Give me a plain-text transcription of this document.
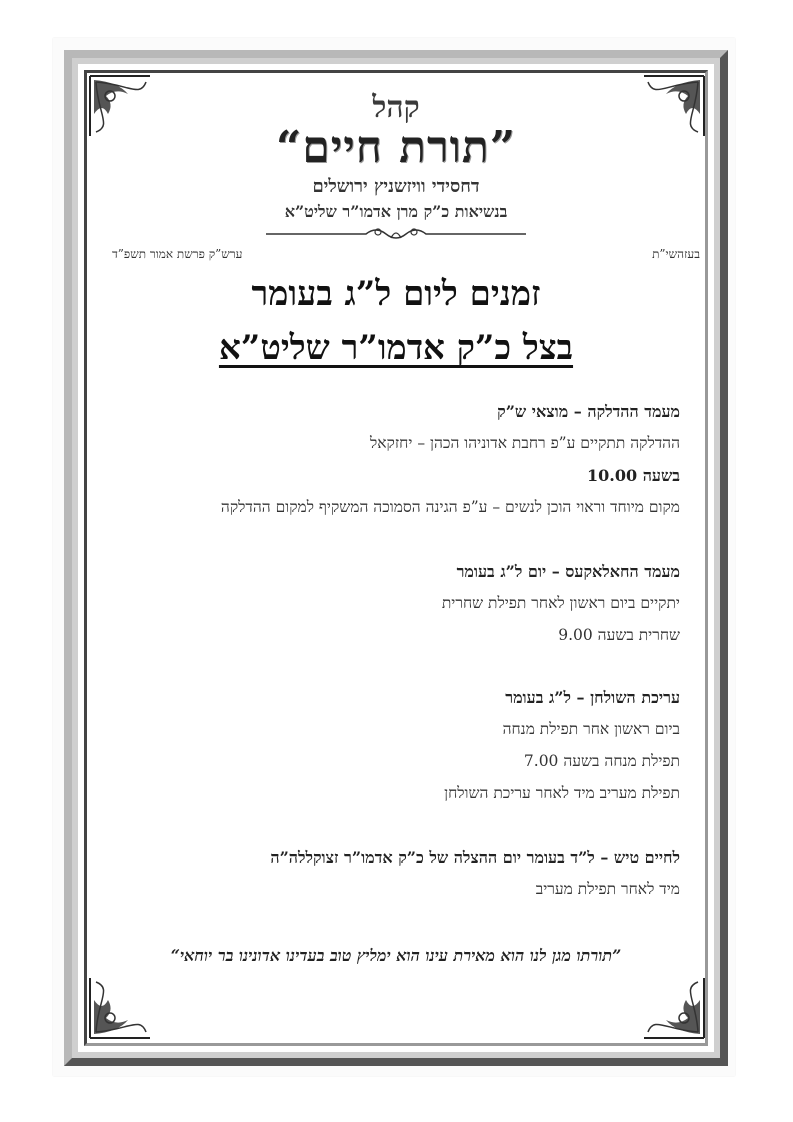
קהל
”תורת חיים“
דחסידי וויזשניץ ירושלים
בנשיאות כ”ק מרן אדמו”ר שליט”א
בעזהשי”ת
ערש”ק פרשת אמור תשפ”ד
זמנים ליום ל”ג בעומר
בצל כ”ק אדמו”ר שליט”א
מעמד ההדלקה – מוצאי ש”ק
ההדלקה תתקיים ע”פ רחבת אדוניהו הכהן – יחזקאל
בשעה 10.00
מקום מיוחד וראוי הוכן לנשים – ע”פ הגינה הסמוכה המשקיף למקום ההדלקה
מעמד החאלאקעס – יום ל”ג בעומר
יתקיים ביום ראשון לאחר תפילת שחרית
שחרית בשעה 9.00
עריכת השולחן – ל”ג בעומר
ביום ראשון אחר תפילת מנחה
תפילת מנחה בשעה 7.00
תפילת מעריב מיד לאחר עריכת השולחן
לחיים טיש – ל”ד בעומר יום ההצלה של כ”ק אדמו”ר זצוקללה”ה
מיד לאחר תפילת מעריב
”תורתו מגן לנו הוא מאירת עינו הוא ימליץ טוב בעדינו אדונינו בר יוחאי“
